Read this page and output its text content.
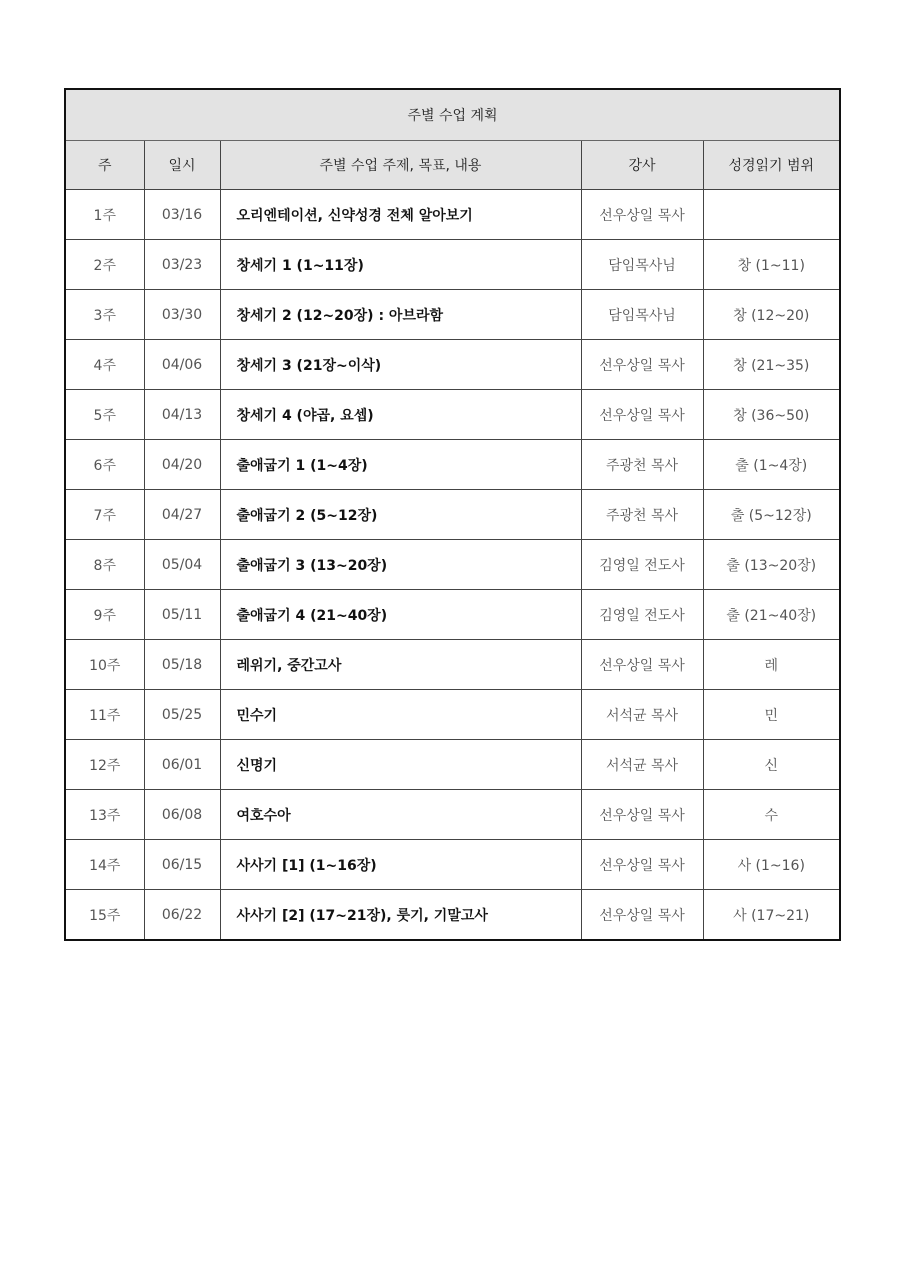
주별 수업 계획				
주	일시	주별 수업 주제, 목표, 내용	강사	성경읽기 범위
1주	03/16	오리엔테이션, 신약성경 전체 알아보기	선우상일 목사	
2주	03/23	창세기 1 (1~11장)	담임목사님	창 (1~11)
3주	03/30	창세기 2 (12~20장) : 아브라함	담임목사님	창 (12~20)
4주	04/06	창세기 3 (21장~이삭)	선우상일 목사	창 (21~35)
5주	04/13	창세기 4 (야곱, 요셉)	선우상일 목사	창 (36~50)
6주	04/20	출애굽기 1 (1~4장)	주광천 목사	출 (1~4장)
7주	04/27	출애굽기 2 (5~12장)	주광천 목사	출 (5~12장)
8주	05/04	출애굽기 3 (13~20장)	김영일 전도사	출 (13~20장)
9주	05/11	출애굽기 4 (21~40장)	김영일 전도사	출 (21~40장)
10주	05/18	레위기, 중간고사	선우상일 목사	레
11주	05/25	민수기	서석균 목사	민
12주	06/01	신명기	서석균 목사	신
13주	06/08	여호수아	선우상일 목사	수
14주	06/15	사사기 [1] (1~16장)	선우상일 목사	사 (1~16)
15주	06/22	사사기 [2] (17~21장), 룻기, 기말고사	선우상일 목사	사 (17~21)
